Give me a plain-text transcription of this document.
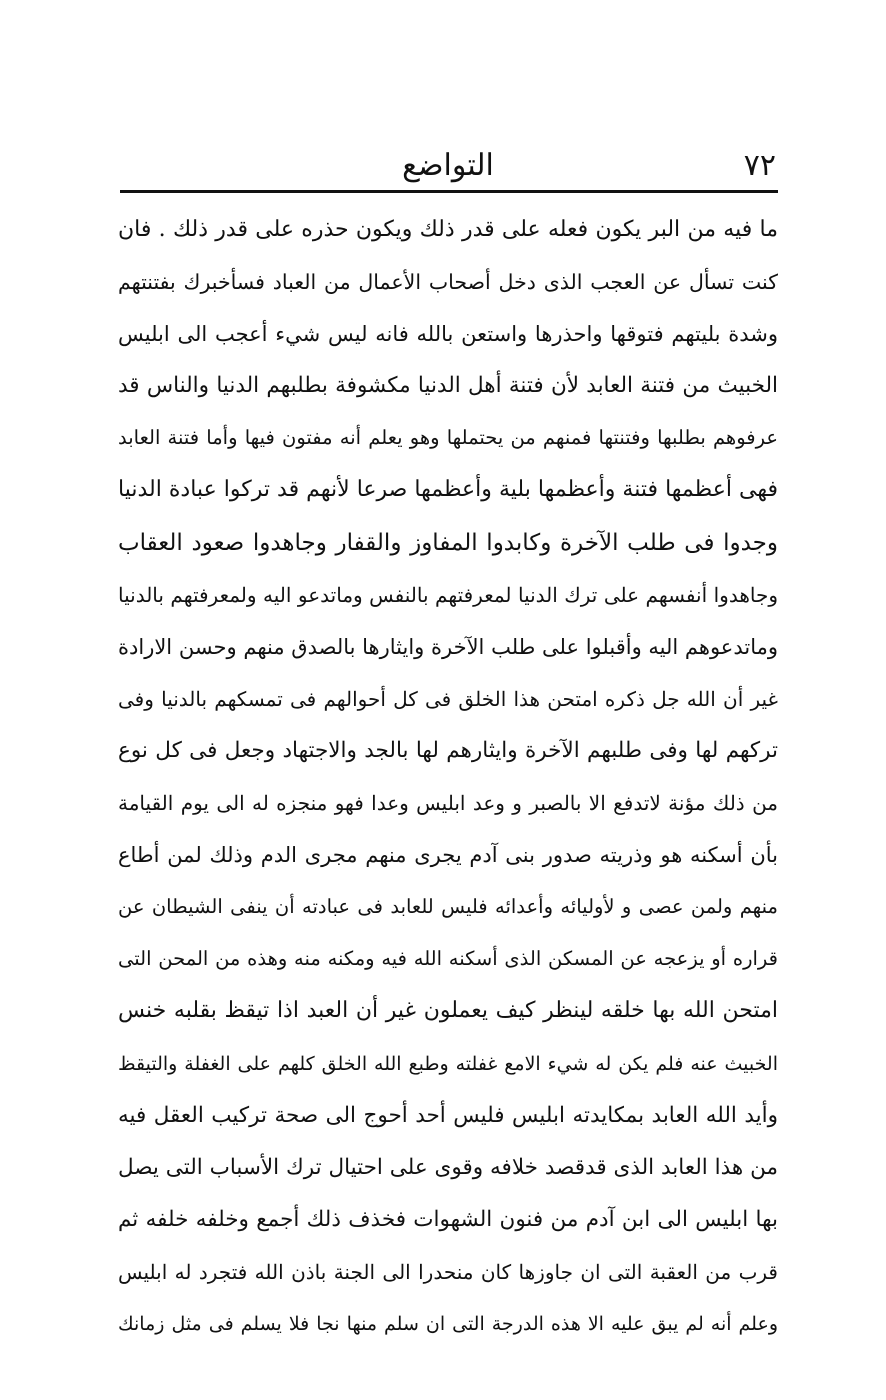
التواضع	٧٢
ما فيه من البر يكون فعله على قدر ذلك ويكون حذره على قدر ذلك . فان
كنت تسأل عن العجب الذى دخل أصحاب الأعمال من العباد فسأخبرك بفتنتهم
وشدة بليتهم فتوقها واحذرها واستعن بالله فانه ليس شيء أعجب الى ابليس
الخبيث من فتنة العابد لأن فتنة أهل الدنيا مكشوفة بطلبهم الدنيا والناس قد
عرفوهم بطلبها وفتنتها فمنهم من يحتملها وهو يعلم أنه مفتون فيها وأما فتنة العابد
فهى أعظمها فتنة وأعظمها بلية وأعظمها صرعا لأنهم قد تركوا عبادة الدنيا
وجدوا فى طلب الآخرة وكابدوا المفاوز والقفار وجاهدوا صعود العقاب
وجاهدوا أنفسهم على ترك الدنيا لمعرفتهم بالنفس وماتدعو اليه ولمعرفتهم بالدنيا
وماتدعوهم اليه وأقبلوا على طلب الآخرة وايثارها بالصدق منهم وحسن الارادة
غير أن الله جل ذكره امتحن هذا الخلق فى كل أحوالهم فى تمسكهم بالدنيا وفى
تركهم لها وفى طلبهم الآخرة وايثارهم لها بالجد والاجتهاد وجعل فى كل نوع
من ذلك مؤنة لاتدفع الا بالصبر و وعد ابليس وعدا فهو منجزه له الى يوم القيامة
بأن أسكنه هو وذريته صدور بنى آدم يجرى منهم مجرى الدم وذلك لمن أطاع
منهم ولمن عصى و لأوليائه وأعدائه فليس للعابد فى عبادته أن ينفى الشيطان عن
قراره أو يزعجه عن المسكن الذى أسكنه الله فيه ومكنه منه وهذه من المحن التى
امتحن الله بها خلقه لينظر كيف يعملون غير أن العبد اذا تيقظ بقلبه خنس
الخبيث عنه فلم يكن له شيء الامع غفلته وطبع الله الخلق كلهم على الغفلة والتيقظ
وأيد الله العابد بمكايدته ابليس فليس أحد أحوج الى صحة تركيب العقل فيه
من هذا العابد الذى قدقصد خلافه وقوى على احتيال ترك الأسباب التى يصل
بها ابليس الى ابن آدم من فنون الشهوات فخذف ذلك أجمع وخلفه خلفه ثم
قرب من العقبة التى ان جاوزها كان منحدرا الى الجنة باذن الله فتجرد له ابليس
وعلم أنه لم يبق عليه الا هذه الدرجة التى ان سلم منها نجا فلا يسلم فى مثل زمانك
